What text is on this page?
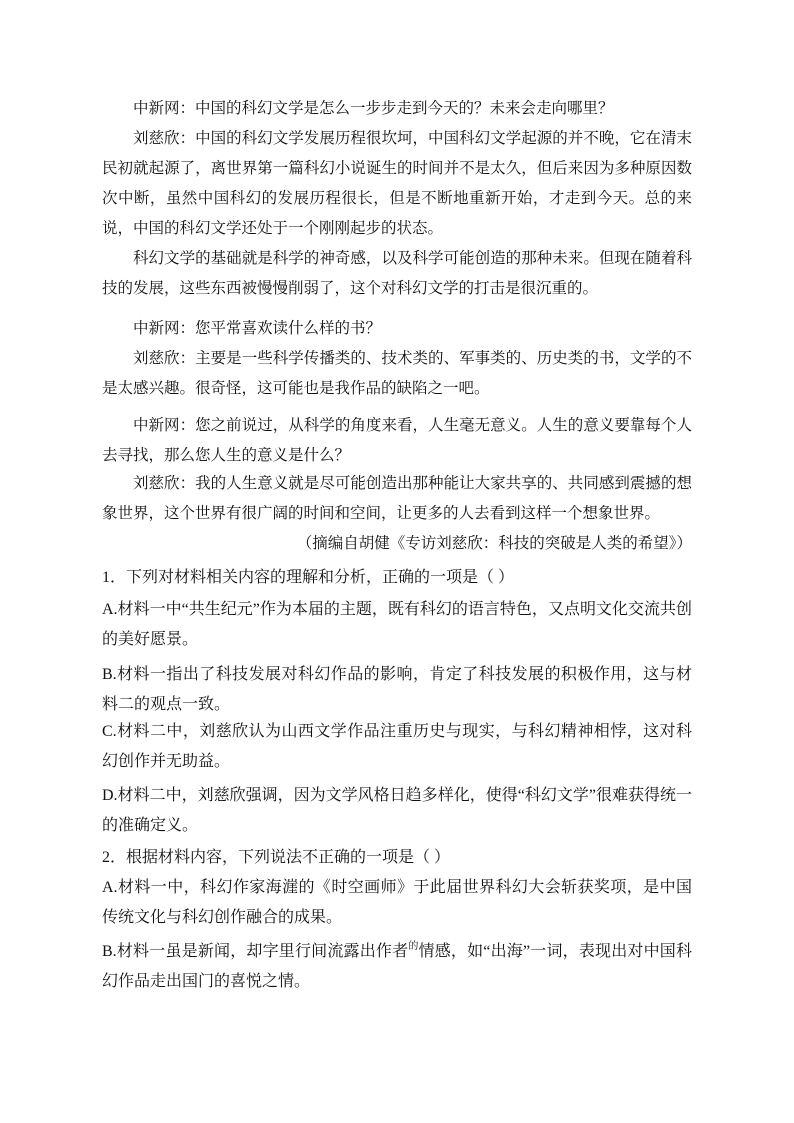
中新网：中国的科幻文学是怎么一步步走到今天的？未来会走向哪里？

刘慈欣：中国的科幻文学发展历程很坎坷，中国科幻文学起源的并不晚，它在清末民初就起源了，离世界第一篇科幻小说诞生的时间并不是太久，但后来因为多种原因数次中断，虽然中国科幻的发展历程很长，但是不断地重新开始，才走到今天。总的来说，中国的科幻文学还处于一个刚刚起步的状态。

科幻文学的基础就是科学的神奇感，以及科学可能创造的那种未来。但现在随着科技的发展，这些东西被慢慢削弱了，这个对科幻文学的打击是很沉重的。

中新网：您平常喜欢读什么样的书？

刘慈欣：主要是一些科学传播类的、技术类的、军事类的、历史类的书，文学的不是太感兴趣。很奇怪，这可能也是我作品的缺陷之一吧。

中新网：您之前说过，从科学的角度来看，人生毫无意义。人生的意义要靠每个人去寻找，那么您人生的意义是什么？

刘慈欣：我的人生意义就是尽可能创造出那种能让大家共享的、共同感到震撼的想象世界，这个世界有很广阔的时间和空间，让更多的人去看到这样一个想象世界。

（摘编自胡健《专访刘慈欣：科技的突破是人类的希望》）

1．下列对材料相关内容的理解和分析，正确的一项是（ ）

A.材料一中“共生纪元”作为本届的主题，既有科幻的语言特色，又点明文化交流共创的美好愿景。

B.材料一指出了科技发展对科幻作品的影响，肯定了科技发展的积极作用，这与材料二的观点一致。

C.材料二中，刘慈欣认为山西文学作品注重历史与现实，与科幻精神相悖，这对科幻创作并无助益。

D.材料二中，刘慈欣强调，因为文学风格日趋多样化，使得“科幻文学”很难获得统一的准确定义。

2．根据材料内容，下列说法不正确的一项是（ ）

A.材料一中，科幻作家海漄的《时空画师》于此届世界科幻大会斩获奖项，是中国传统文化与科幻创作融合的成果。

B.材料一虽是新闻，却字里行间流露出作者$^的$情感，如“出海”一词，表现出对中国科幻作品走出国门的喜悦之情。
